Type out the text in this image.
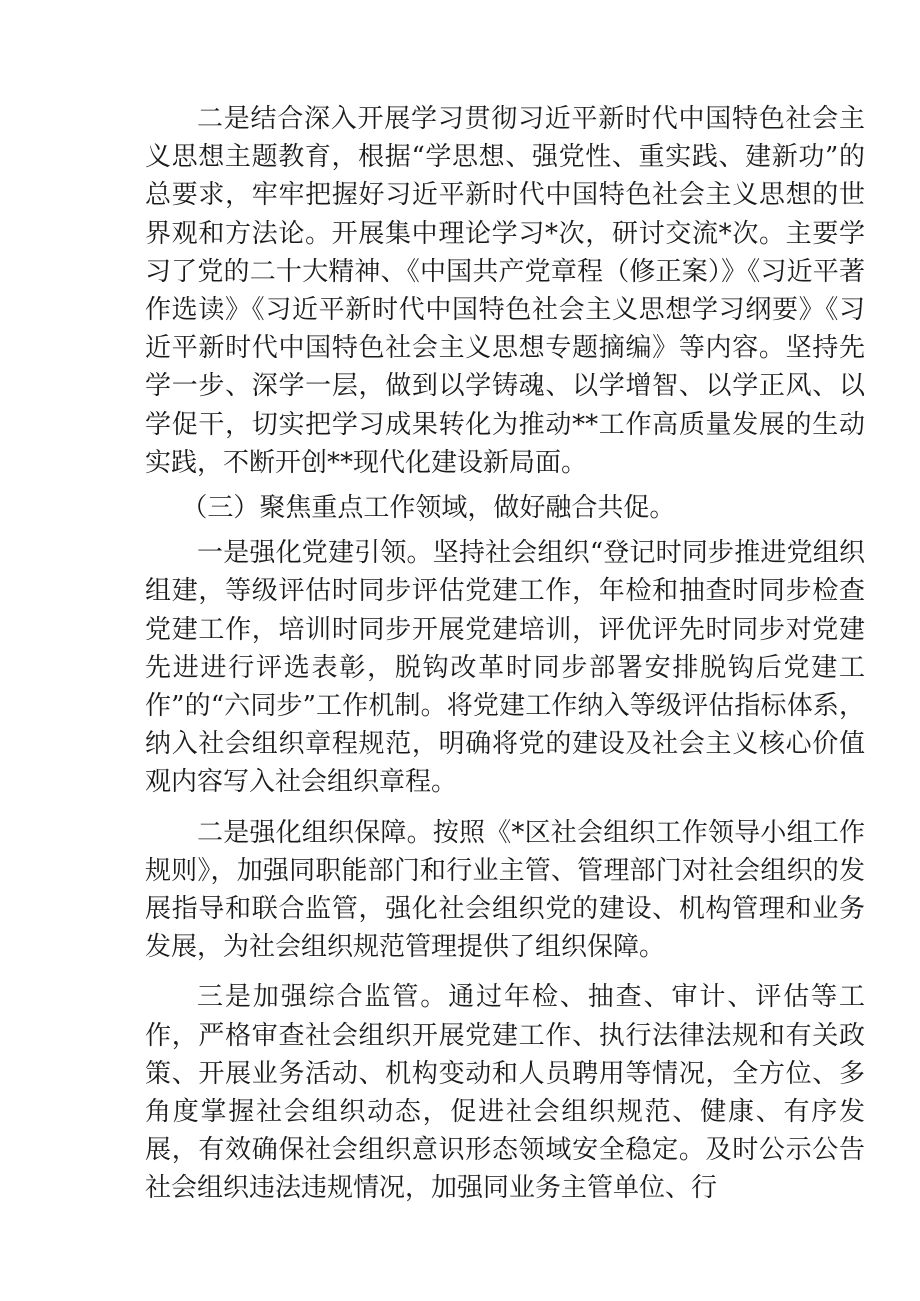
二是结合深入开展学习贯彻习近平新时代中国特色社会主义思想主题教育，根据“学思想、强党性、重实践、建新功”的总要求，牢牢把握好习近平新时代中国特色社会主义思想的世界观和方法论。开展集中理论学习*次，研讨交流*次。主要学习了党的二十大精神、《中国共产党章程（修正案）》《习近平著作选读》《习近平新时代中国特色社会主义思想学习纲要》《习近平新时代中国特色社会主义思想专题摘编》等内容。坚持先学一步、深学一层，做到以学铸魂、以学增智、以学正风、以学促干，切实把学习成果转化为推动**工作高质量发展的生动实践，不断开创**现代化建设新局面。

（三）聚焦重点工作领域，做好融合共促。

一是强化党建引领。坚持社会组织“登记时同步推进党组织组建，等级评估时同步评估党建工作，年检和抽查时同步检查党建工作，培训时同步开展党建培训，评优评先时同步对党建先进进行评选表彰，脱钩改革时同步部署安排脱钩后党建工作”的“六同步”工作机制。将党建工作纳入等级评估指标体系，纳入社会组织章程规范，明确将党的建设及社会主义核心价值观内容写入社会组织章程。

二是强化组织保障。按照《*区社会组织工作领导小组工作规则》，加强同职能部门和行业主管、管理部门对社会组织的发展指导和联合监管，强化社会组织党的建设、机构管理和业务发展，为社会组织规范管理提供了组织保障。

三是加强综合监管。通过年检、抽查、审计、评估等工作，严格审查社会组织开展党建工作、执行法律法规和有关政策、开展业务活动、机构变动和人员聘用等情况，全方位、多角度掌握社会组织动态，促进社会组织规范、健康、有序发展，有效确保社会组织意识形态领域安全稳定。及时公示公告社会组织违法违规情况，加强同业务主管单位、行
